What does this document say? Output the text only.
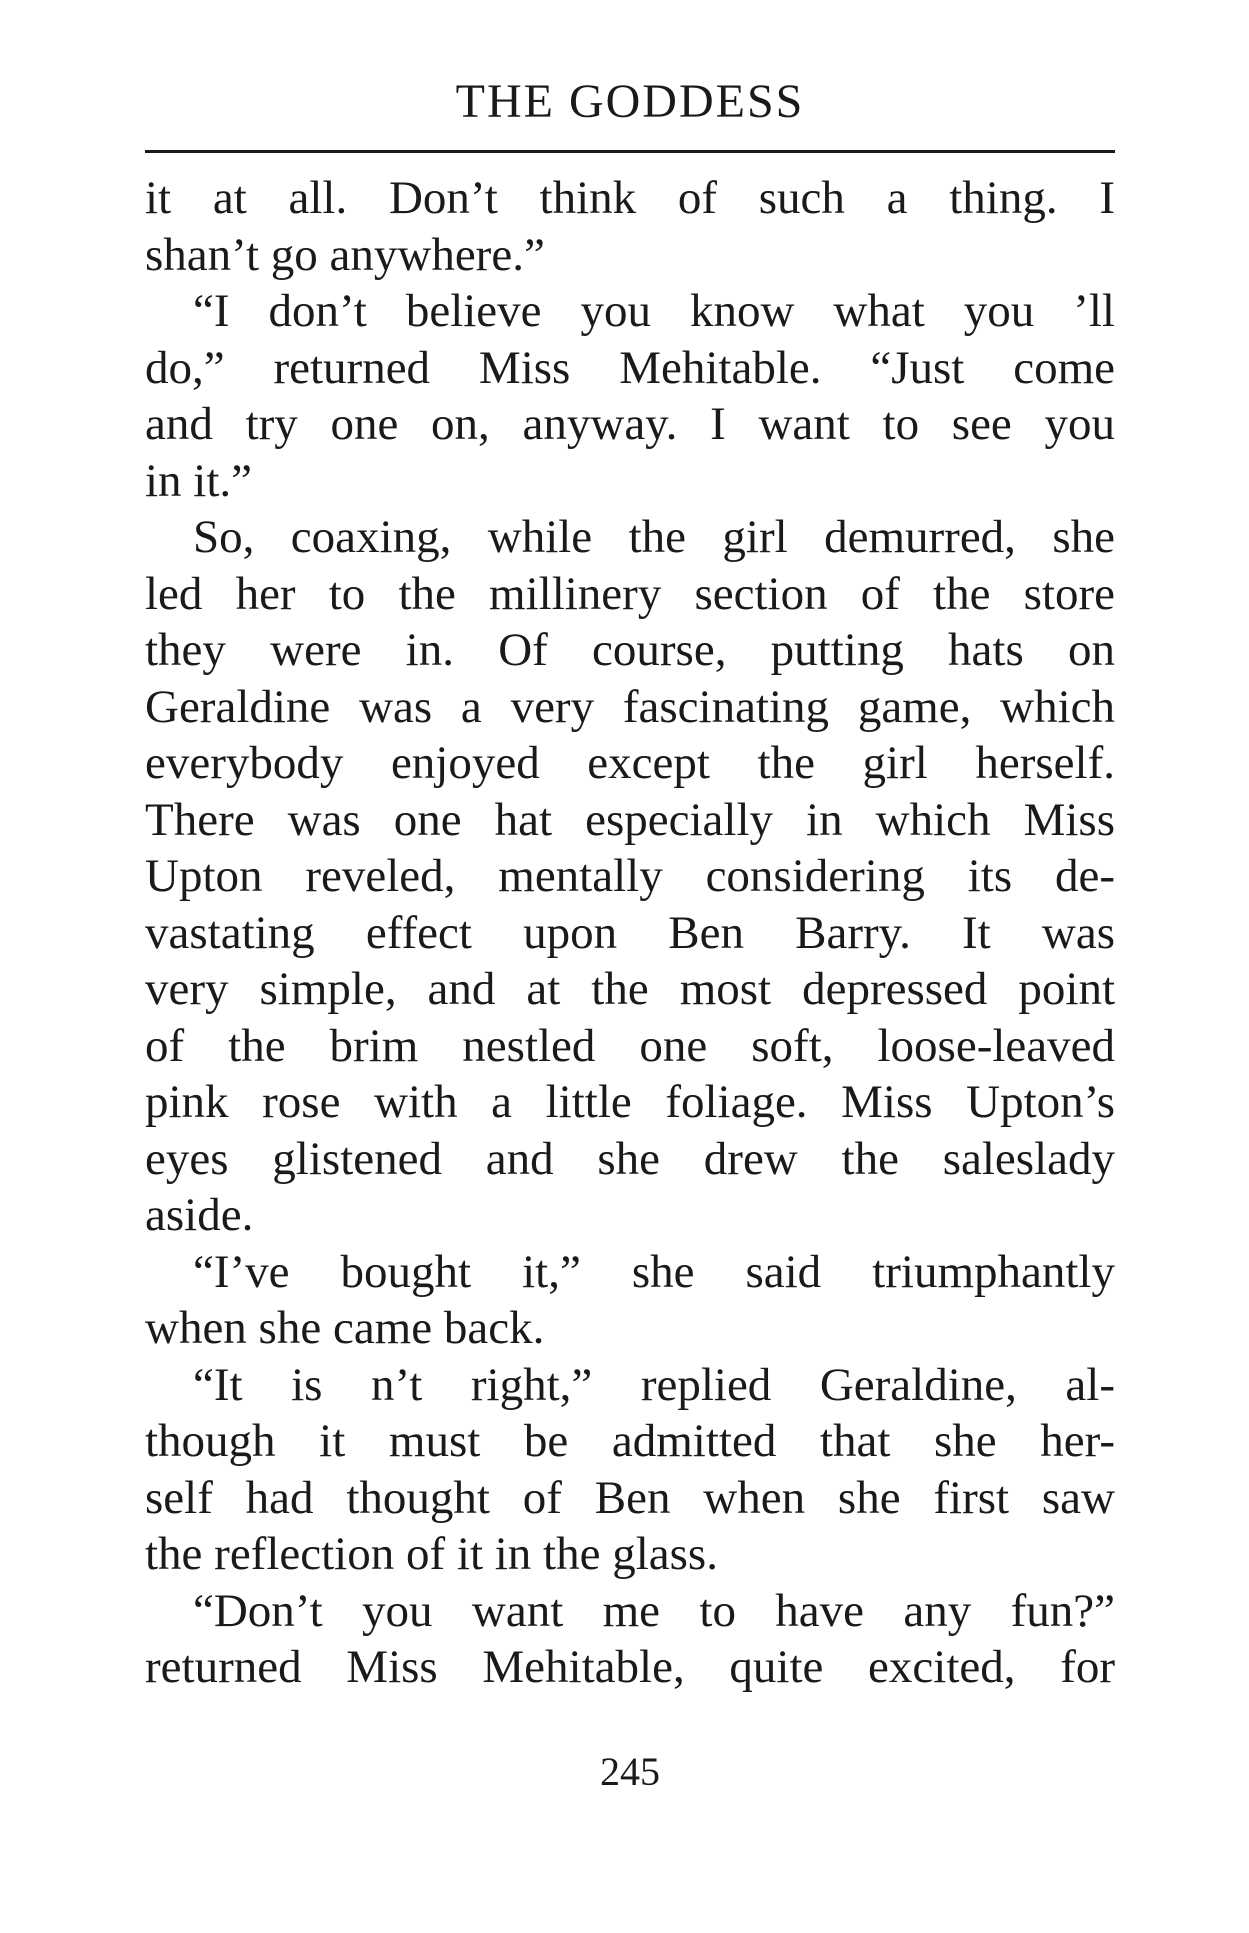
THE GODDESS
it at all. Don’t think of such a thing. I
shan’t go anywhere.”
“I don’t believe you know what you ’ll
do,” returned Miss Mehitable. “Just come
and try one on, anyway. I want to see you
in it.”
So, coaxing, while the girl demurred, she
led her to the millinery section of the store
they were in. Of course, putting hats on
Geraldine was a very fascinating game, which
everybody enjoyed except the girl herself.
There was one hat especially in which Miss
Upton reveled, mentally considering its de-
vastating effect upon Ben Barry. It was
very simple, and at the most depressed point
of the brim nestled one soft, loose-leaved
pink rose with a little foliage. Miss Upton’s
eyes glistened and she drew the saleslady
aside.
“I’ve bought it,” she said triumphantly
when she came back.
“It is n’t right,” replied Geraldine, al-
though it must be admitted that she her-
self had thought of Ben when she first saw
the reflection of it in the glass.
“Don’t you want me to have any fun?”
returned Miss Mehitable, quite excited, for
245
